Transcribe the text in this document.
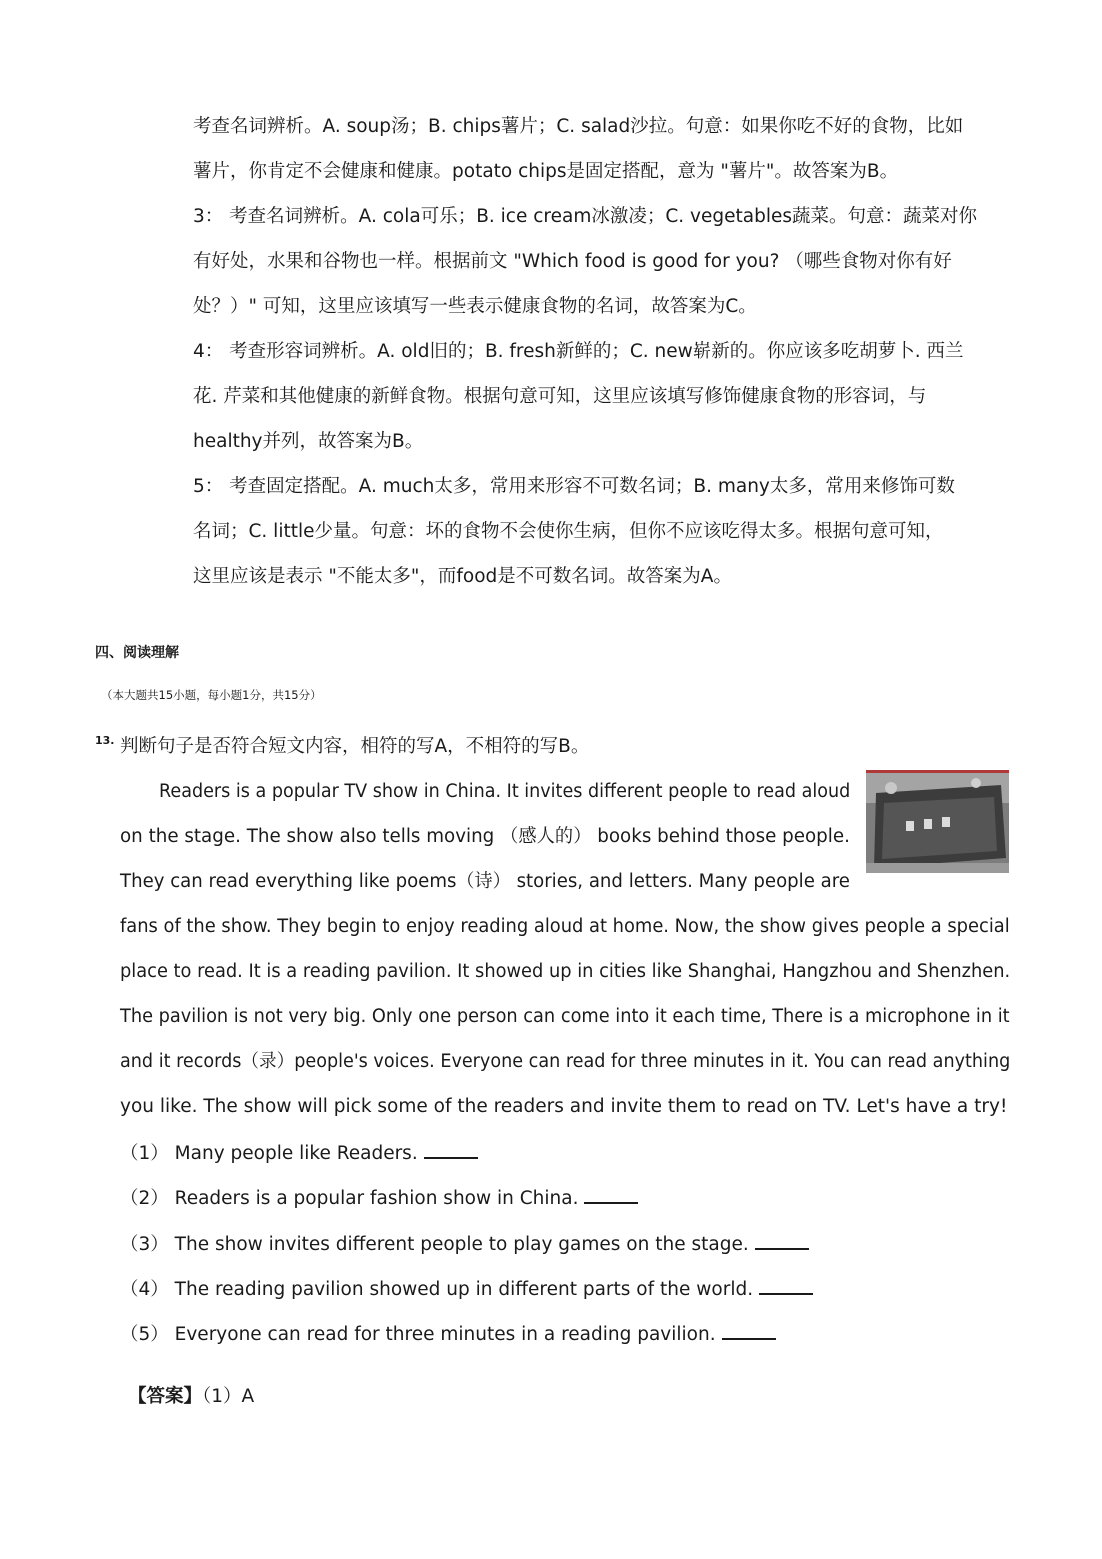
考查名词辨析。A. soup汤；B. chips薯片；C. salad沙拉。句意：如果你吃不好的食物，比如
薯片，你肯定不会健康和健康。potato chips是固定搭配，意为 "薯片"。故答案为B。
3： 考查名词辨析。A. cola可乐；B. ice cream冰激凌；C. vegetables蔬菜。句意：蔬菜对你
有好处，水果和谷物也一样。根据前文 "Which food is good for you? （哪些食物对你有好
处？）" 可知，这里应该填写一些表示健康食物的名词，故答案为C。
4： 考查形容词辨析。A. old旧的；B. fresh新鲜的；C. new崭新的。你应该多吃胡萝卜. 西兰
花. 芹菜和其他健康的新鲜食物。根据句意可知，这里应该填写修饰健康食物的形容词，与
healthy并列，故答案为B。
5： 考查固定搭配。A. much太多，常用来形容不可数名词；B. many太多，常用来修饰可数
名词；C. little少量。句意：坏的食物不会使你生病，但你不应该吃得太多。根据句意可知，
这里应该是表示 "不能太多"，而food是不可数名词。故答案为A。
四、阅读理解
（本大题共15小题，每小题1分，共15分）
13. 判断句子是否符合短文内容，相符的写A，不相符的写B。
Readers is a popular TV show in China. It invites different people to read aloud
on the stage. The show also tells moving （感人的） books behind those people.
They can read everything like poems（诗） stories, and letters. Many people are
fans of the show. They begin to enjoy reading aloud at home. Now, the show gives people a special
place to read. It is a reading pavilion. It showed up in cities like Shanghai, Hangzhou and Shenzhen.
The pavilion is not very big. Only one person can come into it each time, There is a microphone in it
and it records（录）people's voices. Everyone can read for three minutes in it. You can read anything
you like. The show will pick some of the readers and invite them to read on TV. Let's have a try!
（1） Many people like Readers.
（2） Readers is a popular fashion show in China.
（3） The show invites different people to play games on the stage.
（4） The reading pavilion showed up in different parts of the world.
（5） Everyone can read for three minutes in a reading pavilion.
【答案】（1）A
